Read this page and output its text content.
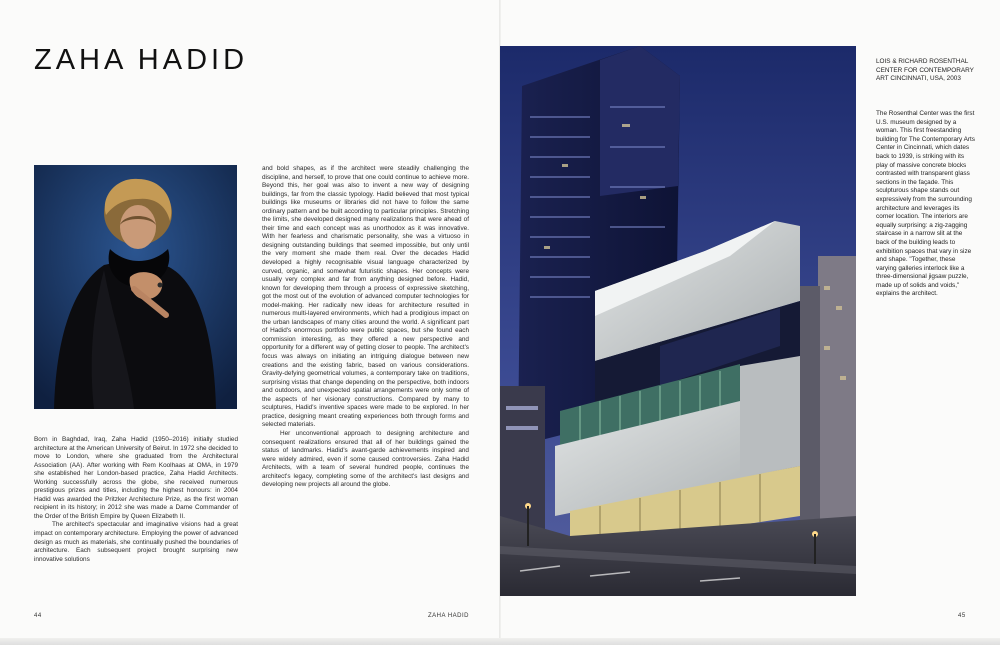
ZAHA HADID

Born in Baghdad, Iraq, Zaha Hadid (1950–2016) initially studied architecture at the American University of Beirut. In 1972 she decided to move to London, where she graduated from the Architectural Association (AA). After working with Rem Koolhaas at OMA, in 1979 she established her London-based practice, Zaha Hadid Architects. Working successfully across the globe, she received numerous prestigious prizes and titles, including the highest honours: in 2004 Hadid was awarded the Pritzker Architecture Prize, as the first woman recipient in its history; in 2012 she was made a Dame Commander of the Order of the British Empire by Queen Elizabeth II.

The architect's spectacular and imaginative visions had a great impact on contemporary architecture. Employing the power of advanced design as much as materials, she continually pushed the boundaries of architecture. Each subsequent project brought surprising new innovative solutions

and bold shapes, as if the architect were steadily challenging the discipline, and herself, to prove that one could continue to achieve more. Beyond this, her goal was also to invent a new way of designing buildings, far from the classic typology. Hadid believed that most typical buildings like museums or libraries did not have to follow the same ordinary pattern and be built according to particular principles. Stretching the limits, she developed designed many realizations that were ahead of their time and each concept was as unorthodox as it was innovative. With her fearless and charismatic personality, she was a virtuoso in designing outstanding buildings that seemed impossible, but only until the very moment she made them real. Over the decades Hadid developed a highly recognisable visual language characterized by curved, organic, and somewhat futuristic shapes. Her concepts were usually very complex and far from anything designed before. Hadid, known for developing them through a process of expressive sketching, got the most out of the evolution of advanced computer technologies for model-making. Her radically new ideas for architecture resulted in numerous multi-layered environments, which had a prodigious impact on the urban landscapes of many cities around the world. A significant part of Hadid's enormous portfolio were public spaces, but she found each commission interesting, as they offered a new perspective and opportunity for a different way of getting closer to people. The architect's focus was always on initiating an intriguing dialogue between new creations and the existing fabric, based on various considerations. Gravity-defying geometrical volumes, a contemporary take on traditions, surprising vistas that change depending on the perspective, both indoors and outdoors, and unexpected spatial arrangements were only some of the aspects of her visionary constructions. Compared by many to sculptures, Hadid's inventive spaces were made to be explored. In her practice, designing meant creating experiences both through forms and selected materials.

Her unconventional approach to designing architecture and consequent realizations ensured that all of her buildings gained the status of landmarks. Hadid's avant-garde achievements inspired and were widely admired, even if some caused controversies. Zaha Hadid Architects, with a team of several hundred people, continues the architect's legacy, completing some of the architect's last designs and developing new projects all around the globe.

44	ZAHA HADID
LOIS & RICHARD ROSENTHAL CENTER FOR CONTEMPORARY ART CINCINNATI, USA, 2003
The Rosenthal Center was the first U.S. museum designed by a woman. This first freestanding building for The Contemporary Arts Center in Cincinnati, which dates back to 1939, is striking with its play of massive concrete blocks contrasted with transparent glass sections in the façade. This sculpturous shape stands out expressively from the surrounding architecture and leverages its corner location. The interiors are equally surprising: a zig-zagging staircase in a narrow slit at the back of the building leads to exhibition spaces that vary in size and shape. "Together, these varying galleries interlock like a three-dimensional jigsaw puzzle, made up of solids and voids," explains the architect.
45
